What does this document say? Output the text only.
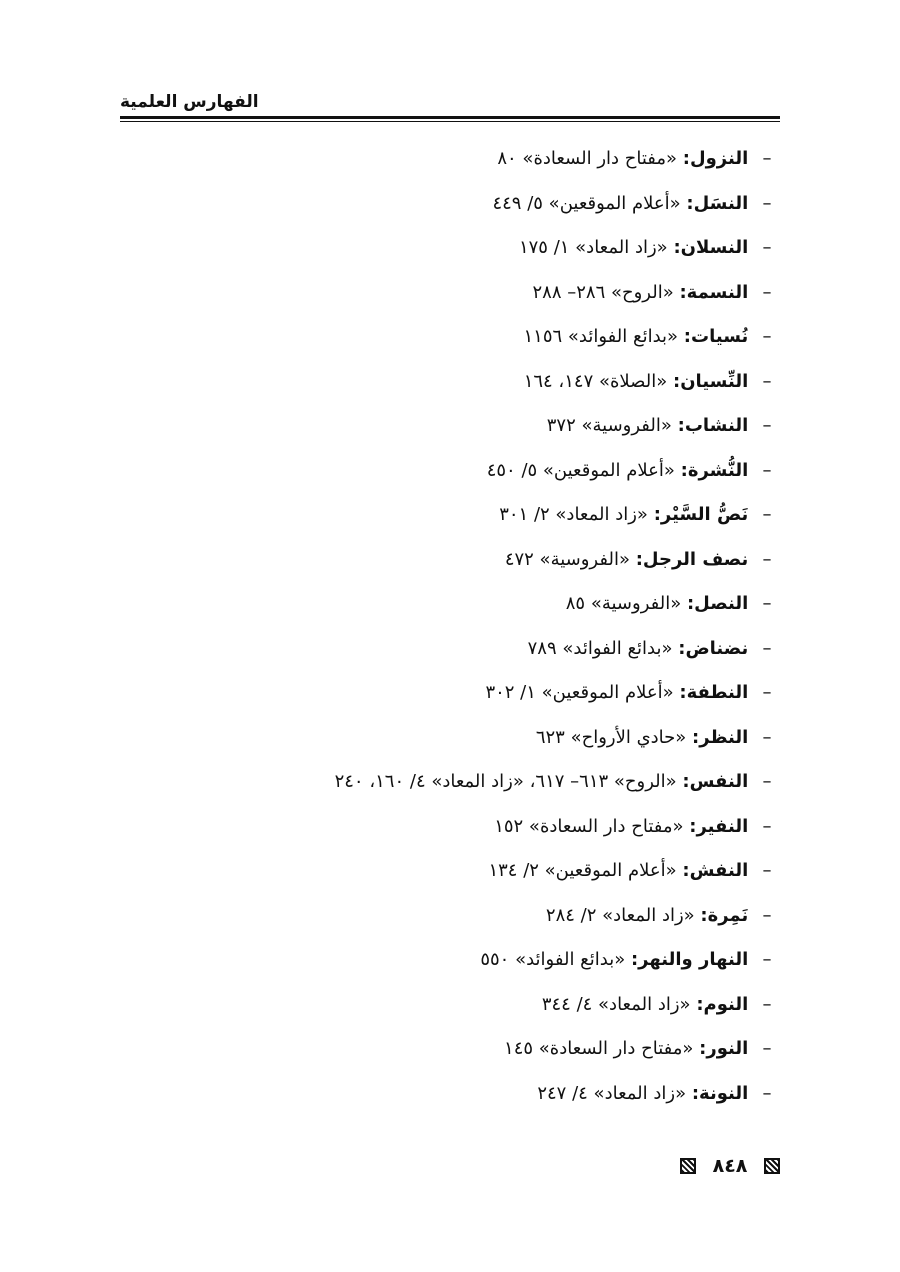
الفهارس العلمية
– النزول: «مفتاح دار السعادة» ٨٠
– النسَل: «أعلام الموقعين» ٥/ ٤٤٩
– النسلان: «زاد المعاد» ١/ ١٧٥
– النسمة: «الروح» ٢٨٦– ٢٨٨
– نُسيات: «بدائع الفوائد» ١١٥٦
– النِّسيان: «الصلاة» ١٤٧، ١٦٤
– النشاب: «الفروسية» ٣٧٢
– النُّشرة: «أعلام الموقعين» ٥/ ٤٥٠
– نَصُّ السَّيْر: «زاد المعاد» ٢/ ٣٠١
– نصف الرجل: «الفروسية» ٤٧٢
– النصل: «الفروسية» ٨٥
– نضناض: «بدائع الفوائد» ٧٨٩
– النطفة: «أعلام الموقعين» ١/ ٣٠٢
– النظر: «حادي الأرواح» ٦٢٣
– النفس: «الروح» ٦١٣– ٦١٧، «زاد المعاد» ٤/ ١٦٠، ٢٤٠
– النفير: «مفتاح دار السعادة» ١٥٢
– النفش: «أعلام الموقعين» ٢/ ١٣٤
– نَمِرة: «زاد المعاد» ٢/ ٢٨٤
– النهار والنهر: «بدائع الفوائد» ٥٥٠
– النوم: «زاد المعاد» ٤/ ٣٤٤
– النور: «مفتاح دار السعادة» ١٤٥
– النونة: «زاد المعاد» ٤/ ٢٤٧
٨٤٨
